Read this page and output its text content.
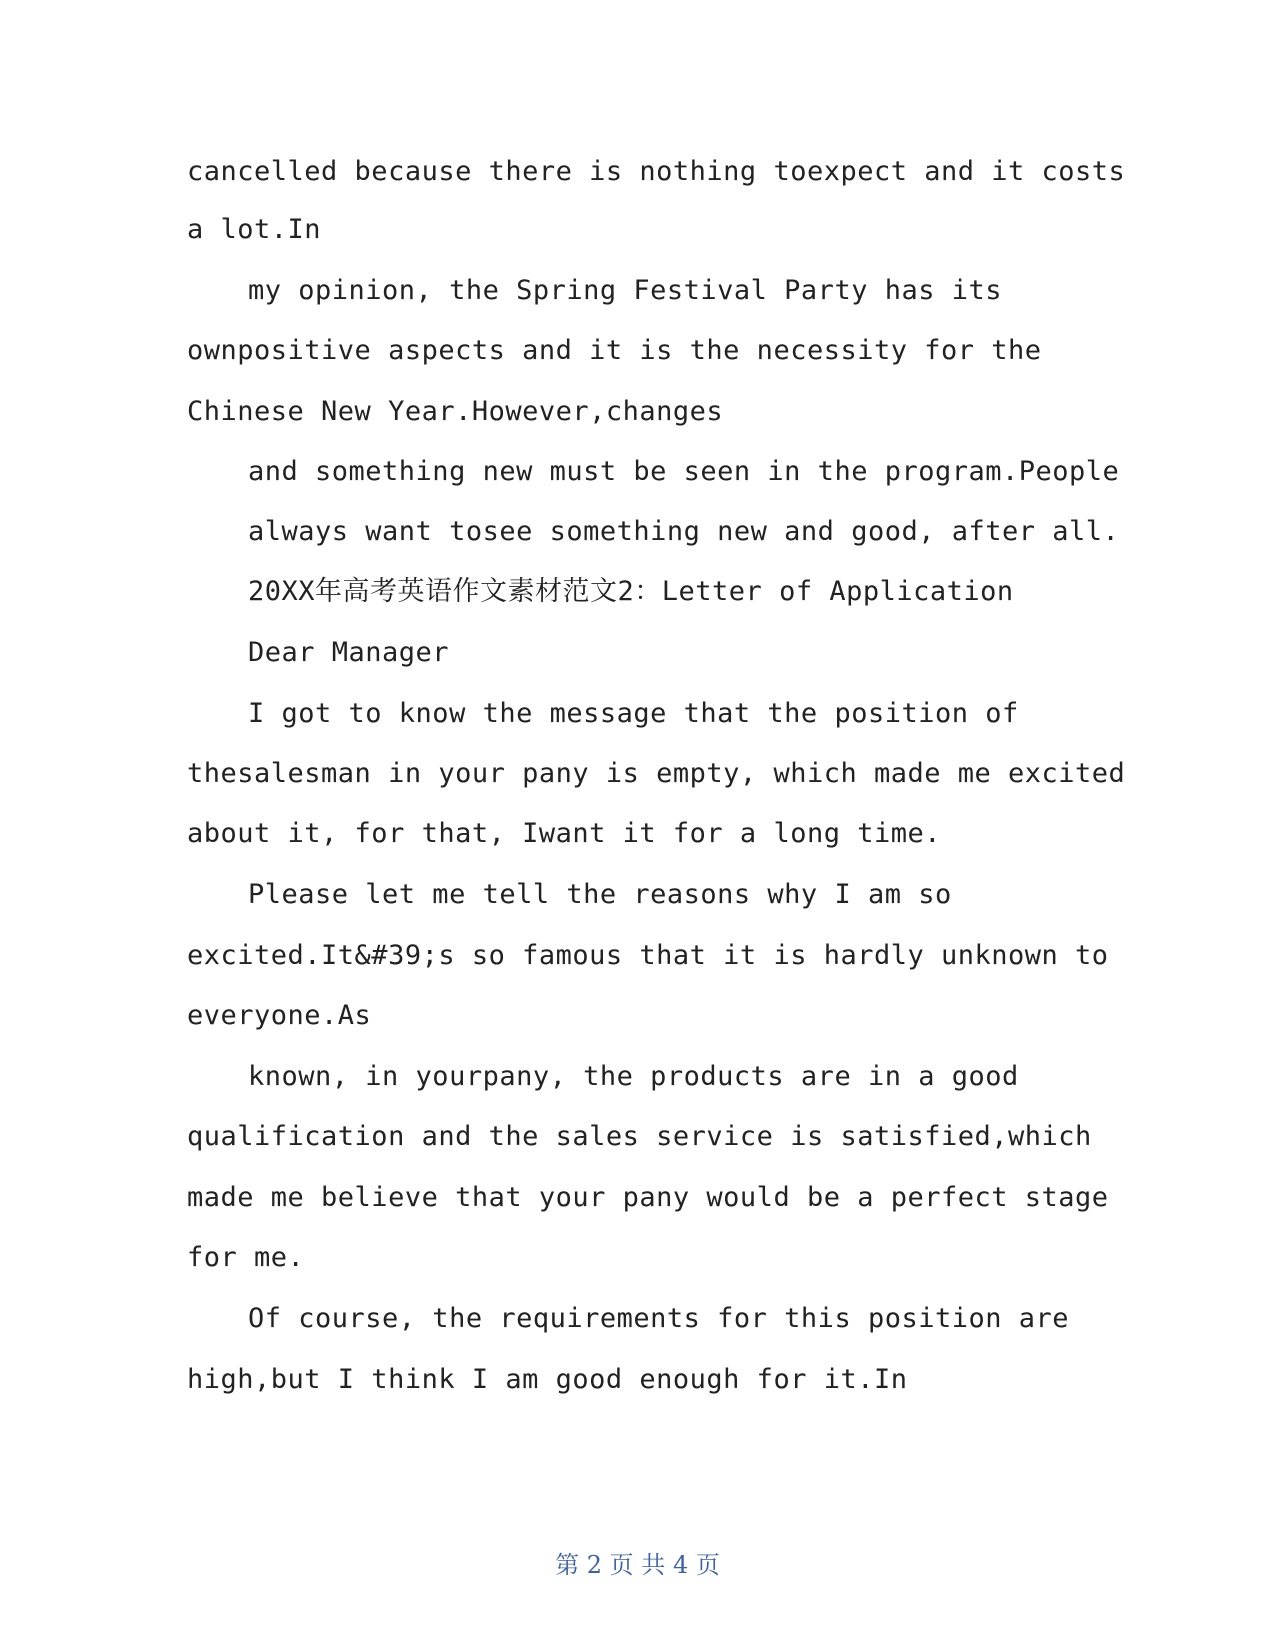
cancelled because there is nothing toexpect and it costs
a lot.In
my opinion, the Spring Festival Party has its
ownpositive aspects and it is the necessity for the
Chinese New Year.However,changes
and something new must be seen in the program.People
always want tosee something new and good, after all.
20XX年高考英语作文素材范文2：Letter of Application
Dear Manager
I got to know the message that the position of
thesalesman in your pany is empty, which made me excited
about it, for that, Iwant it for a long time.
Please let me tell the reasons why I am so
excited.It&#39;s so famous that it is hardly unknown to
everyone.As
known, in yourpany, the products are in a good
qualification and the sales service is satisfied,which
made me believe that your pany would be a perfect stage
for me.
Of course, the requirements for this position are
high,but I think I am good enough for it.In
第 2 页 共 4 页
